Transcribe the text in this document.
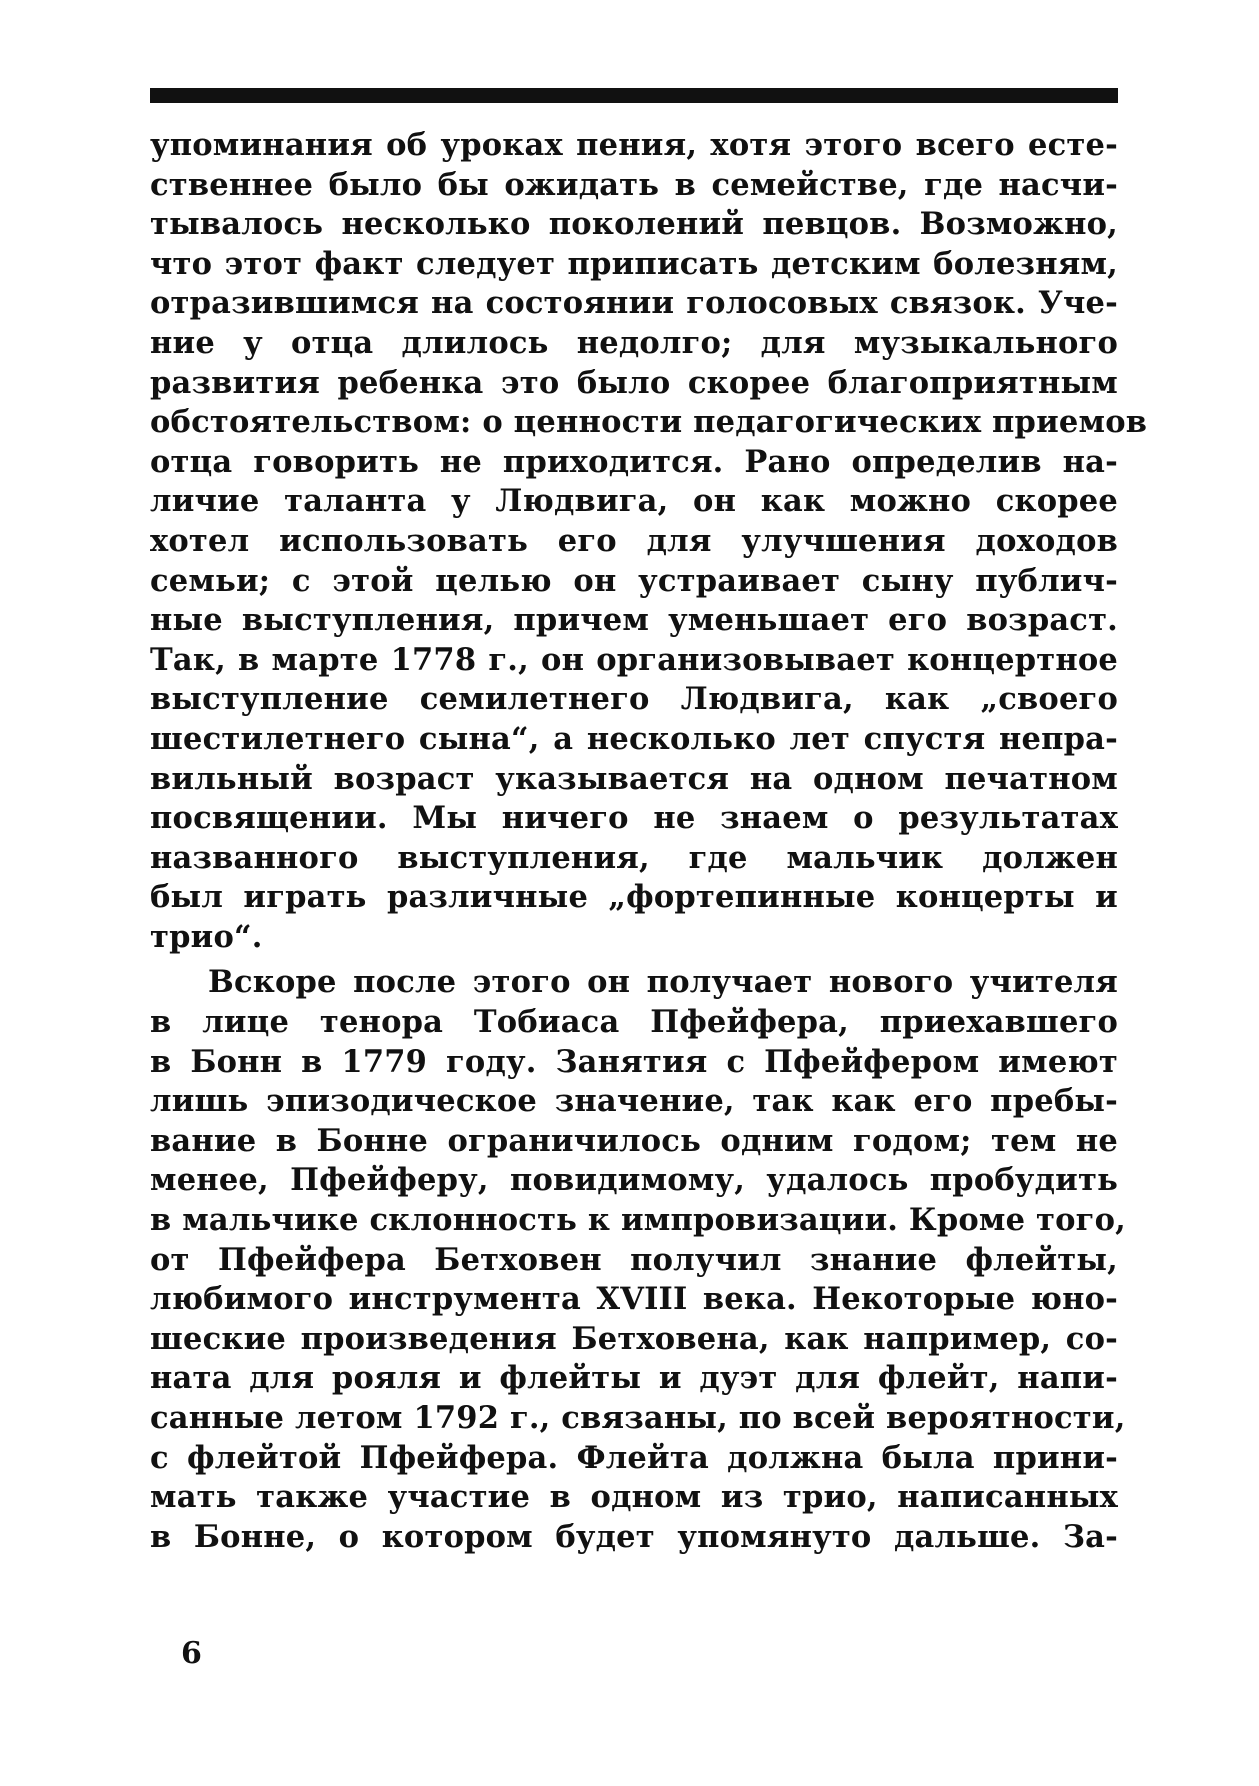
упоминания об уроках пения, хотя этого всего есте-
ственнее было бы ожидать в семействе, где насчи-
тывалось несколько поколений певцов. Возможно,
что этот факт следует приписать детским болезням,
отразившимся на состоянии голосовых связок. Уче-
ние у отца длилось недолго; для музыкального
развития ребенка это было скорее благоприятным
обстоятельством: о ценности педагогических приемов
отца говорить не приходится. Рано определив на-
личие таланта у Людвига, он как можно скорее
хотел использовать его для улучшения доходов
семьи; с этой целью он устраивает сыну публич-
ные выступления, причем уменьшает его возраст.
Так, в марте 1778 г., он организовывает концертное
выступление семилетнего Людвига, как „своего
шестилетнего сына“, а несколько лет спустя непра-
вильный возраст указывается на одном печатном
посвящении. Мы ничего не знаем о результатах
названного выступления, где мальчик должен
был играть различные „фортепинные концерты и
трио“.
Вскоре после этого он получает нового учителя
в лице тенора Тобиаса Пфейфера, приехавшего
в Бонн в 1779 году. Занятия с Пфейфером имеют
лишь эпизодическое значение, так как его пребы-
вание в Бонне ограничилось одним годом; тем не
менее, Пфейферу, повидимому, удалось пробудить
в мальчике склонность к импровизации. Кроме того,
от Пфейфера Бетховен получил знание флейты,
любимого инструмента XVIII века. Некоторые юно-
шеские произведения Бетховена, как например, со-
ната для рояля и флейты и дуэт для флейт, напи-
санные летом 1792 г., связаны, по всей вероятности,
с флейтой Пфейфера. Флейта должна была прини-
мать также участие в одном из трио, написанных
в Бонне, о котором будет упомянуто дальше. За-
6
